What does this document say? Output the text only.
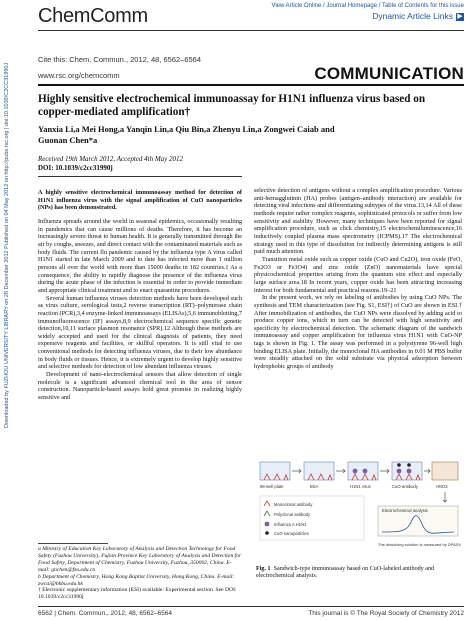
ChemComm	View Article Online / Journal Homepage / Table of Contents for this issue
Dynamic Article Links ▶
Cite this: Chem. Commun., 2012, 48, 6562–6564
www.rsc.org/chemcomm	COMMUNICATION
Downloaded by FUZHOU UNIVERSITY LIBRARY on 28 December 2012 Published on 04 May 2012 on http://pubs.rsc.org | doi:10.1039/C2CC31990J	Highly sensitive electrochemical immunoassay for H1N1 influenza virus based on copper-mediated amplification†
Yanxia Li,a Mei Hong,a Yanqin Lin,a Qiu Bin,a Zhenyu Lin,a Zongwei Caiab and
Guonan Chen*a
Received 19th March 2012, Accepted 4th May 2012
DOI: 10.1039/c2cc31990j

A highly sensitive electrochemical immunoassay method for detection of H1N1 influenza virus with the signal amplification of CuO nanoparticles (NPs) has been demonstrated.

Influenza spreads around the world in seasonal epidemics, occasionally resulting in pandemics that can cause millions of deaths. Therefore, it has become an increasingly severe threat to human health. It is generally transmitted through the air by coughs, sneezes, and direct contact with the contaminated materials such as body fluids. The current flu pandemic caused by the influenza type A virus called H1N1 started in late March 2009 and to date has infected more than 1 million persons all over the world with more than 15000 deaths in 182 countries.1 As a consequence, the ability to rapidly diagnose the presence of the influenza virus during the acute phase of the infection is essential in order to provide immediate and appropriate clinical treatment and to enact quarantine procedures.

Several human influenza viruses detection methods have been developed such as virus culture, serological tests,2 reverse transcription (RT)–polymerase chain reaction (PCR),3,4 enzyme-linked immunoassays (ELISAs),5,6 immunoblotting,7 immunofluorescence (IF) assays,8,9 electrochemical sequence specific genetic detection,10,11 surface plasmon resonance (SPR).12 Although these methods are widely accepted and used for the clinical diagnosis of patients, they need expensive reagents and facilities, or skillful operators. It is still vital to use conventional methods for detecting influenza viruses, due to their low abundance in body fluids or tissues. Hence, it is extremely urgent to develop highly sensitive and selective methods for detection of low abundant influenza viruses.

Development of nano-electrochemical sensors that allow detection of single molecule is a significant advanced chemical tool in the area of sensor construction. Nanoparticle-based assays hold great promise in realizing highly sensitive and

selective detection of antigens without a complex amplification procedure. Various anti-hemagglutinin (HA) probes (antigen–antibody interaction) are available for detecting viral infections and differentiating subtypes of the virus.13,14 All of these methods require rather complex reagents, sophisticated protocols or suffer from low sensitivity and stability. However, many techniques have been reported for signal amplification procedure, such as click chemistry,15 electrochemiluminescence,16 inductively coupled plasma mass spectrometry (ICPMS).17 The electrochemical strategy used in this type of dissolution for indirectly determining antigens is still paid much attention.

Transition metal oxide such as copper oxide (CuO and Cu2O), iron oxide (FeO, Fe2O3 or Fe3O4) and zinc oxide (ZnO) nanomaterials have special physicochemical properties arising from the quantum size effect and especially large surface area.18 In recent years, copper oxide has been attracting increasing interest for both fundamental and practical reasons.19–21

In the present work, we rely on labeling of antibodies by using CuO NPs. The synthesis and TEM characterization (see Fig. S1, ESI†) of CuO are shown in ESI.† After immobilization of antibodies, the CuO NPs were dissolved by adding acid to produce copper ions, which in turn can be detected with high sensitivity and specificity by electrochemical detection. The schematic diagram of the sandwich immunoassay and copper amplification for influenza virus H1N1 with CuO-NP tags is shown in Fig. 1. The assay was performed in a polystyrene 96-well high binding ELISA plate. Initially, the monoclonal HA antibodies in 0.01 M PBS buffer were steadily attached on the solid substrate via physical adsorption between hydrophobic groups of antibody

a Ministry of Education Key Laboratory of Analysis and Detection Technology for Food Safety (Fuzhou University), Fujian Province Key Laboratory of Analysis and Detection for Food Safety, Department of Chemistry, Fuzhou University, Fuzhou, 350002, China. E-mail: gnchen@fzu.edu.cn
b Department of Chemistry, Hong Kong Baptist University, Hong Kong, China. E-mail: zwcai@hkbu.edu.hk
† Electronic supplementary information (ESI) available: Experimental section. See DOI: 10.1039/c2cc31990j
96-well plate	BSA	H1N1 virus	CuO-antibody	HNO3
Electrochemical analysis
Monoclonal antibody
Polyclonal antibody
Influenza A H1N1
CuO nanoparticles
The dissolving solution is measured by DPASV
Fig. 1 Sandwich-type immunoassay based on CuO-labeled antibody and electrochemical analysis.
6562 | Chem. Commun., 2012, 48, 6562–6564	This journal is © The Royal Society of Chemistry 2012
